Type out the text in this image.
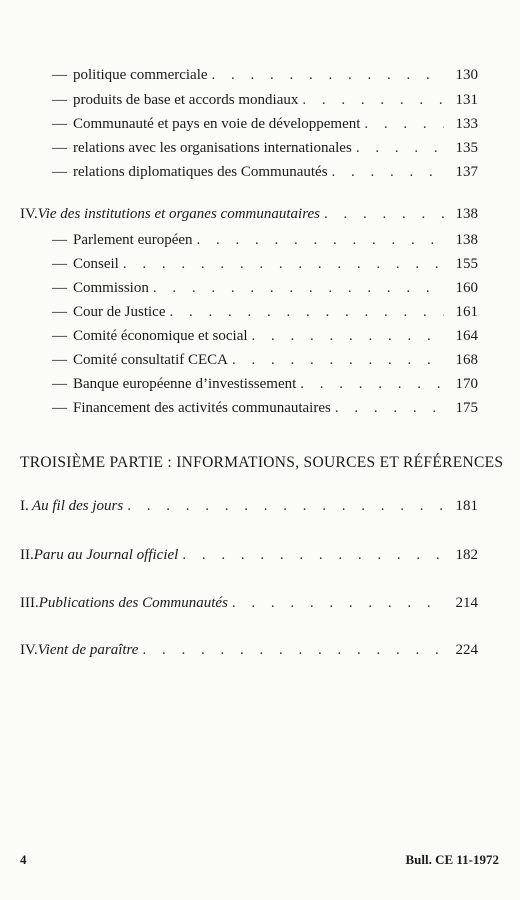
— politique commerciale . . .	130
— produits de base et accords mondiaux . . .	131
— Communauté et pays en voie de développement . . .	133
— relations avec les organisations internationales . . .	135
— relations diplomatiques des Communautés . . .	137
IV. Vie des institutions et organes communautaires . . .	138
— Parlement européen . . .	138
— Conseil . . .	155
— Commission . . .	160
— Cour de Justice . . .	161
— Comité économique et social . . .	164
— Comité consultatif CECA . . .	168
— Banque européenne d’investissement . . .	170
— Financement des activités communautaires . . .	175
TROISIÈME PARTIE : INFORMATIONS, SOURCES ET RÉFÉRENCES
I. Au fil des jours . . .	181
II. Paru au Journal officiel . . .	182
III. Publications des Communautés . . .	214
IV. Vient de paraître . . .	224
4	Bull. CE 11-1972
